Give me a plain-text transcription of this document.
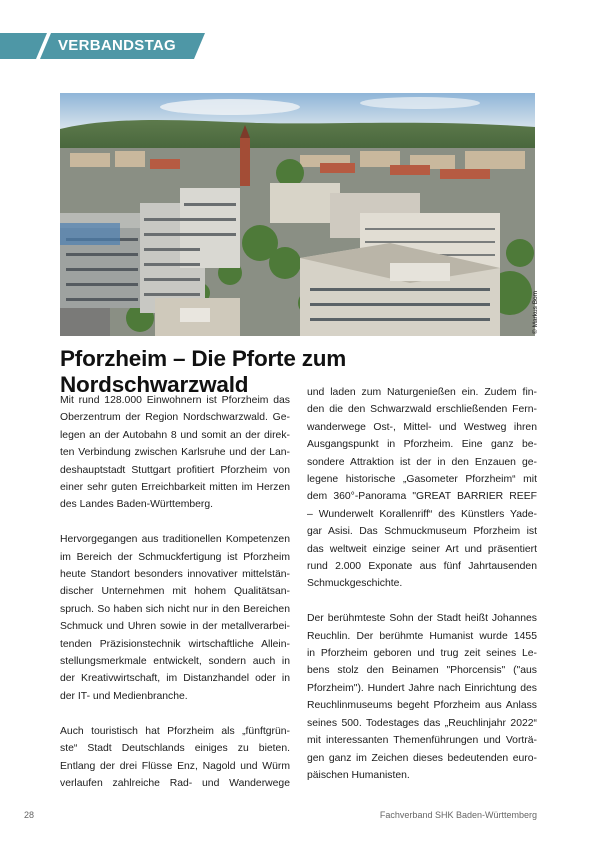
VERBANDSTAG
© Markus Bom
Pforzheim – Die Pforte zum Nordschwarzwald

Mit rund 128.000 Einwohnern ist Pforzheim das
Oberzentrum der Region Nordschwarzwald. Ge-
legen an der Autobahn 8 und somit an der direk-
ten Verbindung zwischen Karlsruhe und der Lan-
deshauptstadt Stuttgart profitiert Pforzheim von
einer sehr guten Erreichbarkeit mitten im Herzen
des Landes Baden-Württemberg.

Hervorgegangen aus traditionellen Kompetenzen
im Bereich der Schmuckfertigung ist Pforzheim
heute Standort besonders innovativer mittelstän-
discher Unternehmen mit hohem Qualitätsan-
spruch. So haben sich nicht nur in den Bereichen
Schmuck und Uhren sowie in der metallverarbei-
tenden Präzisionstechnik wirtschaftliche Allein-
stellungsmerkmale entwickelt, sondern auch in
der Kreativwirtschaft, im Distanzhandel oder in
der IT- und Medienbranche.

Auch touristisch hat Pforzheim als „fünftgrün-
ste“ Stadt Deutschlands einiges zu bieten.
Entlang der drei Flüsse Enz, Nagold und Würm
verlaufen zahlreiche Rad- und Wanderwege

und laden zum Naturgenießen ein. Zudem fin-
den die den Schwarzwald erschließenden Fern-
wanderwege Ost-, Mittel- und Westweg ihren
Ausgangspunkt in Pforzheim. Eine ganz be-
sondere Attraktion ist der in den Enzauen ge-
legene historische „Gasometer Pforzheim“ mit
dem 360°-Panorama "GREAT BARRIER REEF
– Wunderwelt Korallenriff“ des Künstlers Yade-
gar Asisi. Das Schmuckmuseum Pforzheim ist
das weltweit einzige seiner Art und präsentiert
rund 2.000 Exponate aus fünf Jahrtausenden
Schmuckgeschichte.

Der berühmteste Sohn der Stadt heißt Johannes
Reuchlin. Der berühmte Humanist wurde 1455
in Pforzheim geboren und trug zeit seines Le-
bens stolz den Beinamen "Phorcensis" ("aus
Pforzheim"). Hundert Jahre nach Einrichtung des
Reuchlinmuseums begeht Pforzheim aus Anlass
seines 500. Todestages das „Reuchlinjahr 2022“
mit interessanten Themenführungen und Vorträ-
gen ganz im Zeichen dieses bedeutenden euro-
päischen Humanisten.

28	Fachverband SHK Baden-Württemberg
